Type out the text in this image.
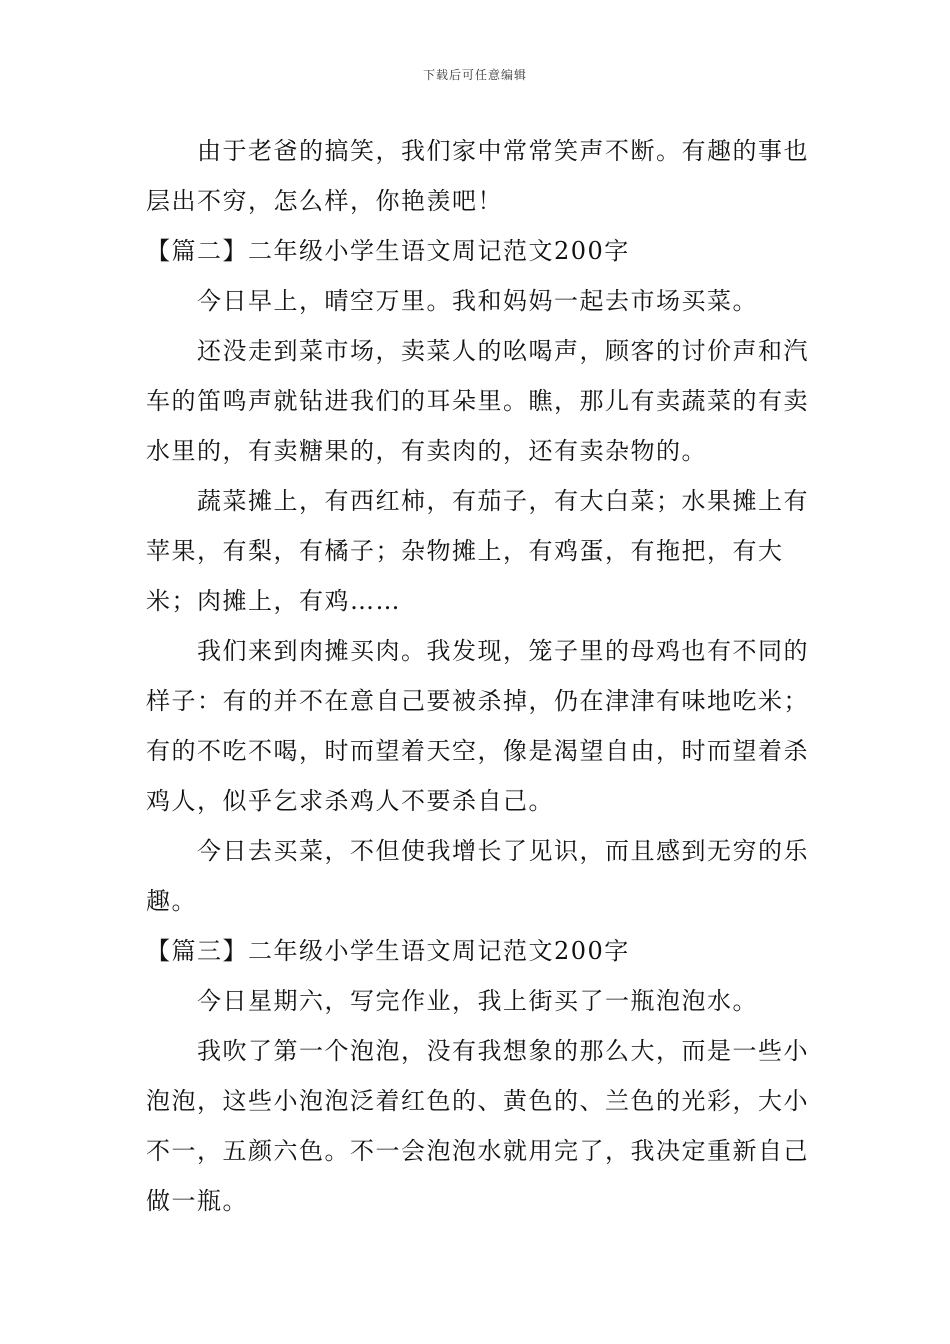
下载后可任意编辑

由于老爸的搞笑，我们家中常常笑声不断。有趣的事也层出不穷，怎么样，你艳羡吧！

【篇二】二年级小学生语文周记范文200字

今日早上，晴空万里。我和妈妈一起去市场买菜。

还没走到菜市场，卖菜人的吆喝声，顾客的讨价声和汽车的笛鸣声就钻进我们的耳朵里。瞧，那儿有卖蔬菜的有卖水里的，有卖糖果的，有卖肉的，还有卖杂物的。

蔬菜摊上，有西红柿，有茄子，有大白菜；水果摊上有苹果，有梨，有橘子；杂物摊上，有鸡蛋，有拖把，有大米；肉摊上，有鸡……

我们来到肉摊买肉。我发现，笼子里的母鸡也有不同的样子：有的并不在意自己要被杀掉，仍在津津有味地吃米；有的不吃不喝，时而望着天空，像是渴望自由，时而望着杀鸡人，似乎乞求杀鸡人不要杀自己。

今日去买菜，不但使我增长了见识，而且感到无穷的乐趣。

【篇三】二年级小学生语文周记范文200字

今日星期六，写完作业，我上街买了一瓶泡泡水。

我吹了第一个泡泡，没有我想象的那么大，而是一些小泡泡，这些小泡泡泛着红色的、黄色的、兰色的光彩，大小不一，五颜六色。不一会泡泡水就用完了，我决定重新自己做一瓶。
